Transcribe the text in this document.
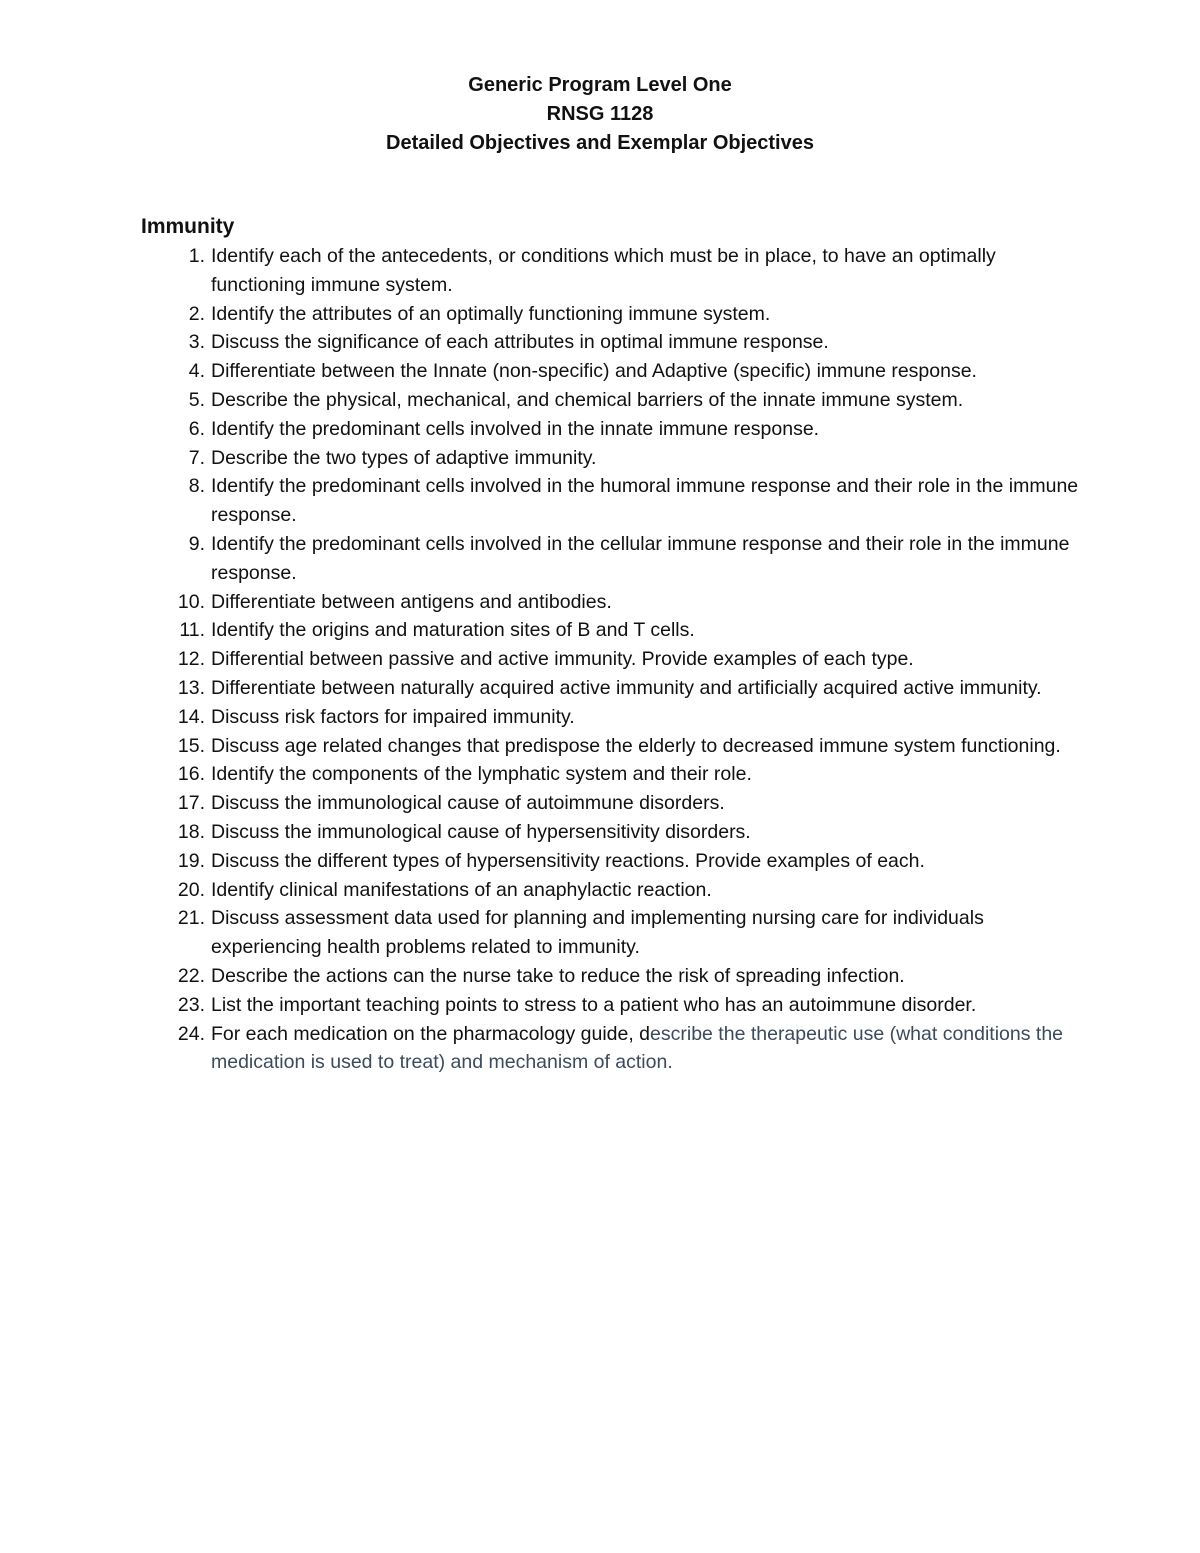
Generic Program Level One
RNSG 1128
Detailed Objectives and Exemplar Objectives
Immunity
1. Identify each of the antecedents, or conditions which must be in place, to have an optimally functioning immune system.
2. Identify the attributes of an optimally functioning immune system.
3. Discuss the significance of each attributes in optimal immune response.
4. Differentiate between the Innate (non-specific) and Adaptive (specific) immune response.
5. Describe the physical, mechanical, and chemical barriers of the innate immune system.
6. Identify the predominant cells involved in the innate immune response.
7. Describe the two types of adaptive immunity.
8. Identify the predominant cells involved in the humoral immune response and their role in the immune response.
9. Identify the predominant cells involved in the cellular immune response and their role in the immune response.
10. Differentiate between antigens and antibodies.
11. Identify the origins and maturation sites of B and T cells.
12. Differential between passive and active immunity. Provide examples of each type.
13. Differentiate between naturally acquired active immunity and artificially acquired active immunity.
14. Discuss risk factors for impaired immunity.
15. Discuss age related changes that predispose the elderly to decreased immune system functioning.
16. Identify the components of the lymphatic system and their role.
17. Discuss the immunological cause of autoimmune disorders.
18. Discuss the immunological cause of hypersensitivity disorders.
19. Discuss the different types of hypersensitivity reactions. Provide examples of each.
20. Identify clinical manifestations of an anaphylactic reaction.
21. Discuss assessment data used for planning and implementing nursing care for individuals experiencing health problems related to immunity.
22. Describe the actions can the nurse take to reduce the risk of spreading infection.
23. List the important teaching points to stress to a patient who has an autoimmune disorder.
24. For each medication on the pharmacology guide, describe the therapeutic use (what conditions the medication is used to treat) and mechanism of action.
